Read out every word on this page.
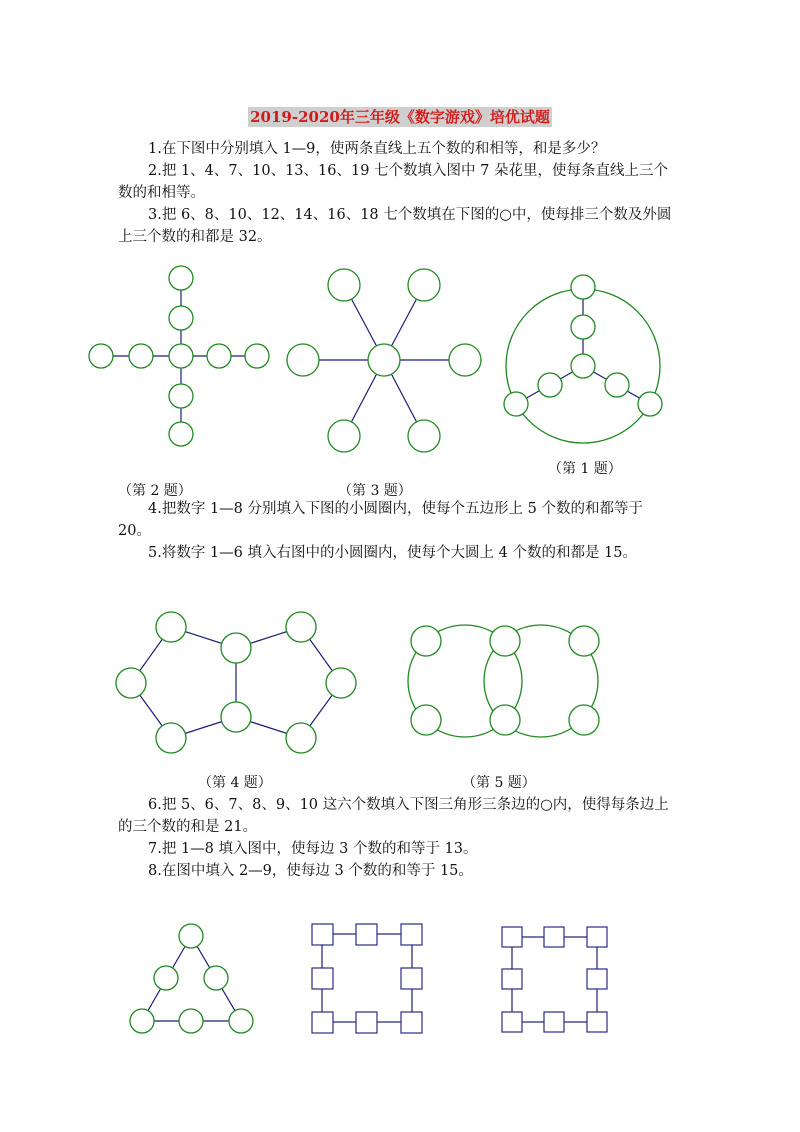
2019-2020年三年级《数字游戏》培优试题
1.在下图中分别填入 1—9，使两条直线上五个数的和相等，和是多少？
2.把 1、4、7、10、13、16、19 七个数填入图中 7 朵花里，使每条直线上三个数的和相等。
3.把 6、8、10、12、14、16、18 七个数填在下图的○中，使每排三个数及外圆上三个数的和都是 32。
（第 1 题）
（第 2 题）	（第 3 题）
4.把数字 1—8 分别填入下图的小圆圈内，使每个五边形上 5 个数的和都等于 20。
5.将数字 1—6 填入右图中的小圆圈内，使每个大圆上 4 个数的和都是 15。
（第 4 题）	（第 5 题）
6.把 5、6、7、8、9、10 这六个数填入下图三角形三条边的○内，使得每条边上的三个数的和是 21。
7.把 1—8 填入图中，使每边 3 个数的和等于 13。
8.在图中填入 2—9，使每边 3 个数的和等于 15。
